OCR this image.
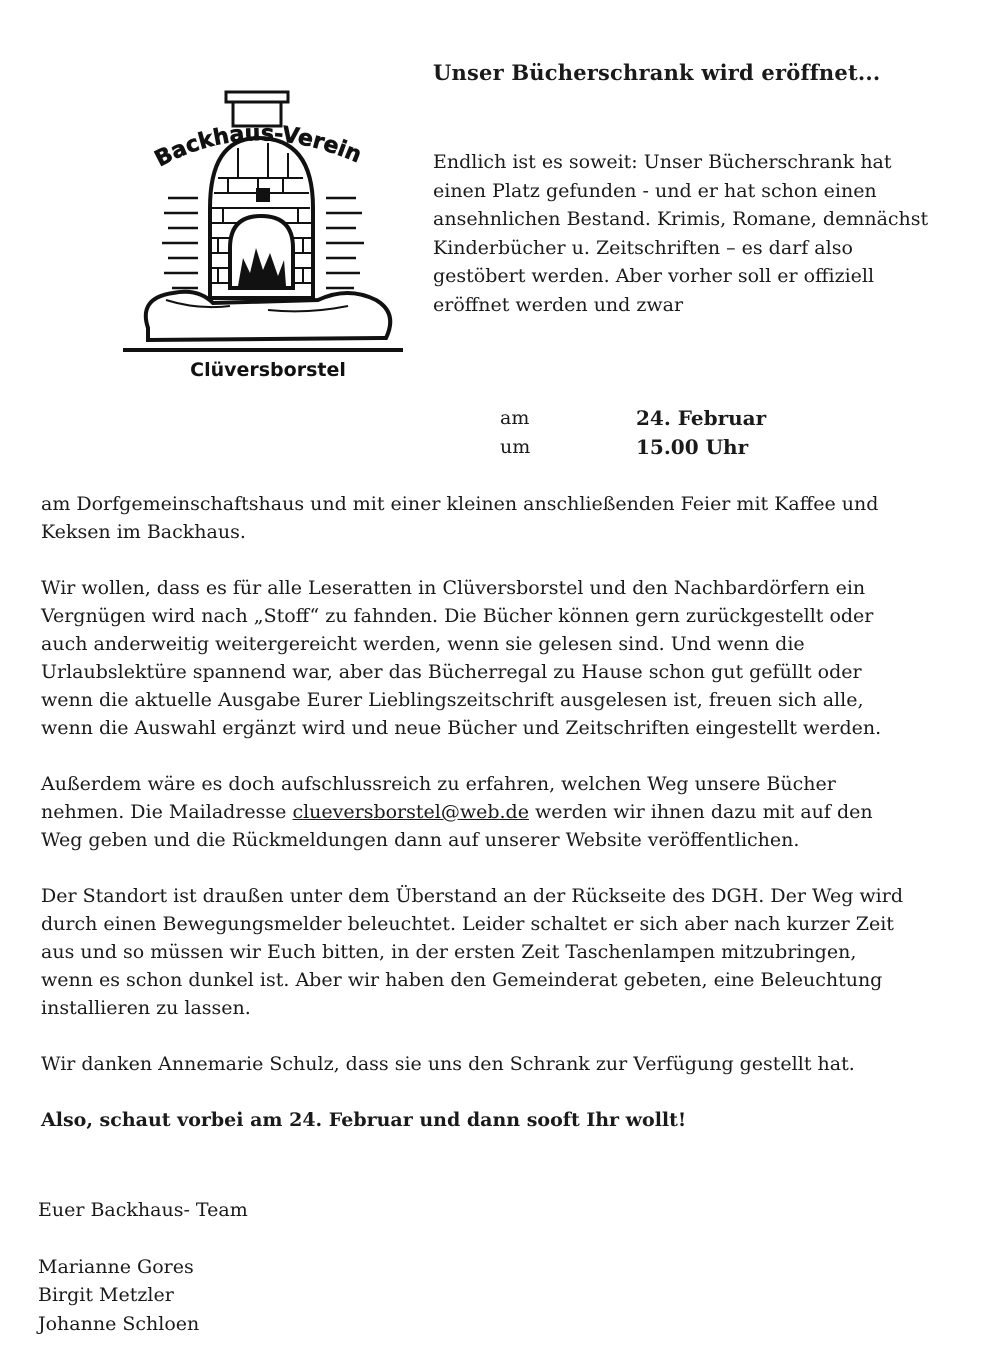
Backhaus-Verein
Clüversborstel
Unser Bücherschrank wird eröffnet...
Endlich ist es soweit: Unser Bücherschrank hat
einen Platz gefunden - und er hat schon einen
ansehnlichen Bestand. Krimis, Romane, demnächst
Kinderbücher u. Zeitschriften – es darf also
gestöbert werden. Aber vorher soll er offiziell
eröffnet werden und zwar
am	24. Februar
um	15.00 Uhr
am Dorfgemeinschaftshaus und mit einer kleinen anschließenden Feier mit Kaffee und
Keksen im Backhaus.
Wir wollen, dass es für alle Leseratten in Clüversborstel und den Nachbardörfern ein
Vergnügen wird nach „Stoff“ zu fahnden. Die Bücher können gern zurückgestellt oder
auch anderweitig weitergereicht werden, wenn sie gelesen sind. Und wenn die
Urlaubslektüre spannend war, aber das Bücherregal zu Hause schon gut gefüllt oder
wenn die aktuelle Ausgabe Eurer Lieblingszeitschrift ausgelesen ist, freuen sich alle,
wenn die Auswahl ergänzt wird und neue Bücher und Zeitschriften eingestellt werden.
Außerdem wäre es doch aufschlussreich zu erfahren, welchen Weg unsere Bücher
nehmen. Die Mailadresse clueversborstel@web.de werden wir ihnen dazu mit auf den
Weg geben und die Rückmeldungen dann auf unserer Website veröffentlichen.
Der Standort ist draußen unter dem Überstand an der Rückseite des DGH. Der Weg wird
durch einen Bewegungsmelder beleuchtet. Leider schaltet er sich aber nach kurzer Zeit
aus und so müssen wir Euch bitten, in der ersten Zeit Taschenlampen mitzubringen,
wenn es schon dunkel ist. Aber wir haben den Gemeinderat gebeten, eine Beleuchtung
installieren zu lassen.
Wir danken Annemarie Schulz, dass sie uns den Schrank zur Verfügung gestellt hat.
Also, schaut vorbei am 24. Februar und dann sooft Ihr wollt!
Euer Backhaus- Team
Marianne Gores
Birgit Metzler
Johanne Schloen
